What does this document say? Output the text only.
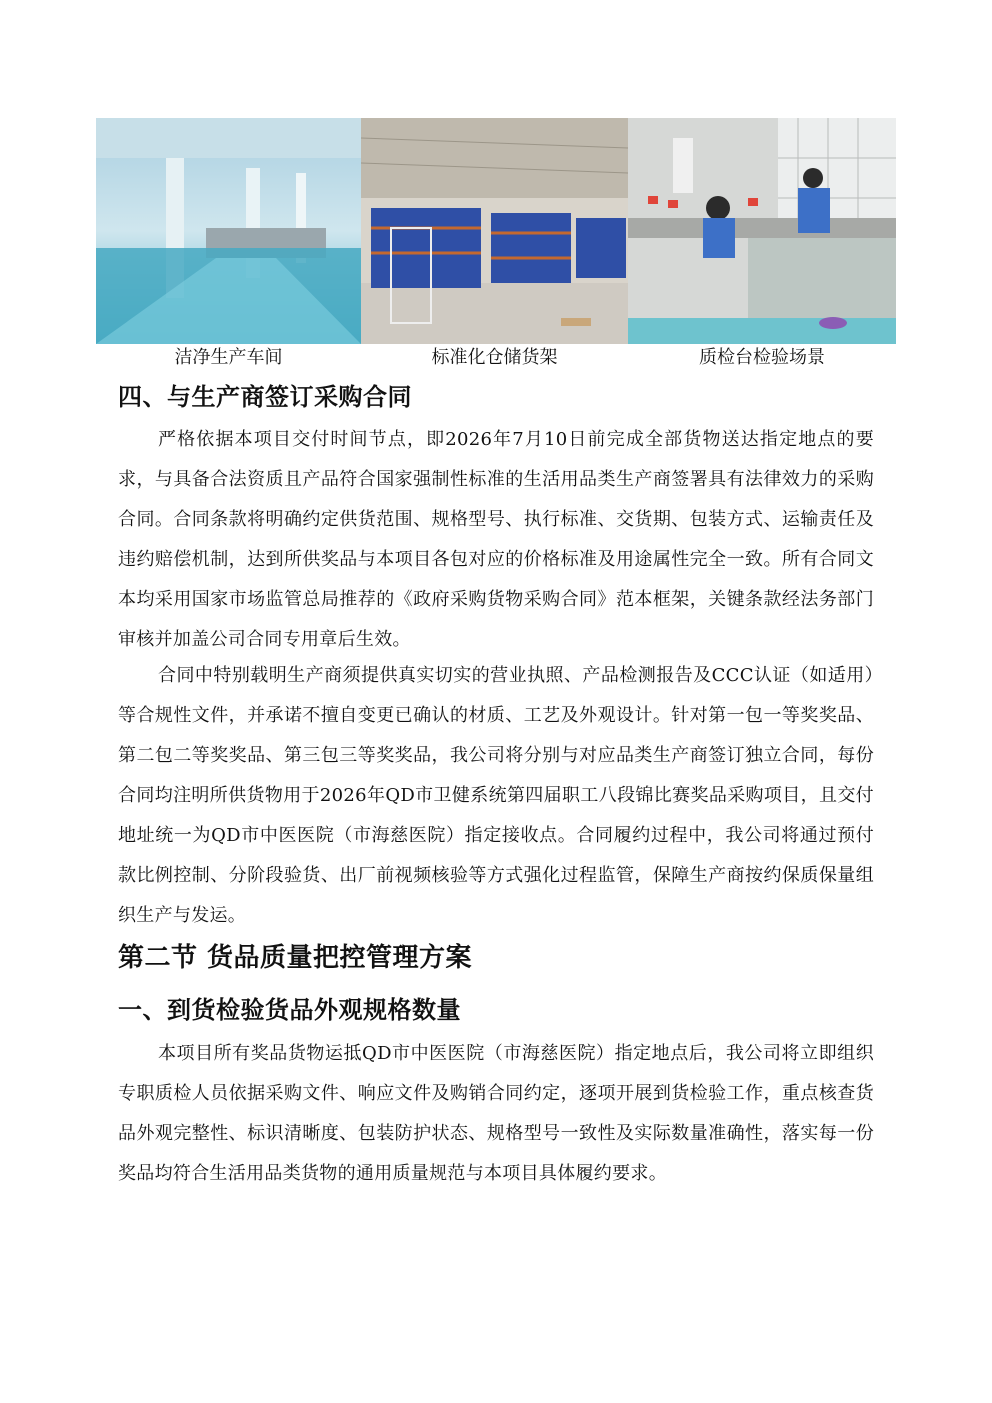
洁净生产车间	标准化仓储货架	质检台检验场景
四、与生产商签订采购合同
严格依据本项目交付时间节点，即2026年7月10日前完成全部货物送达指定地点的要求，与具备合法资质且产品符合国家强制性标准的生活用品类生产商签署具有法律效力的采购合同。合同条款将明确约定供货范围、规格型号、执行标准、交货期、包装方式、运输责任及违约赔偿机制，达到所供奖品与本项目各包对应的价格标准及用途属性完全一致。所有合同文本均采用国家市场监管总局推荐的《政府采购货物采购合同》范本框架，关键条款经法务部门审核并加盖公司合同专用章后生效。
合同中特别载明生产商须提供真实切实的营业执照、产品检测报告及CCC认证（如适用）等合规性文件，并承诺不擅自变更已确认的材质、工艺及外观设计。针对第一包一等奖奖品、第二包二等奖奖品、第三包三等奖奖品，我公司将分别与对应品类生产商签订独立合同，每份合同均注明所供货物用于2026年QD市卫健系统第四届职工八段锦比赛奖品采购项目，且交付地址统一为QD市中医医院（市海慈医院）指定接收点。合同履约过程中，我公司将通过预付款比例控制、分阶段验货、出厂前视频核验等方式强化过程监管，保障生产商按约保质保量组织生产与发运。
第二节 货品质量把控管理方案
一、到货检验货品外观规格数量
本项目所有奖品货物运抵QD市中医医院（市海慈医院）指定地点后，我公司将立即组织专职质检人员依据采购文件、响应文件及购销合同约定，逐项开展到货检验工作，重点核查货品外观完整性、标识清晰度、包装防护状态、规格型号一致性及实际数量准确性，落实每一份奖品均符合生活用品类货物的通用质量规范与本项目具体履约要求。
